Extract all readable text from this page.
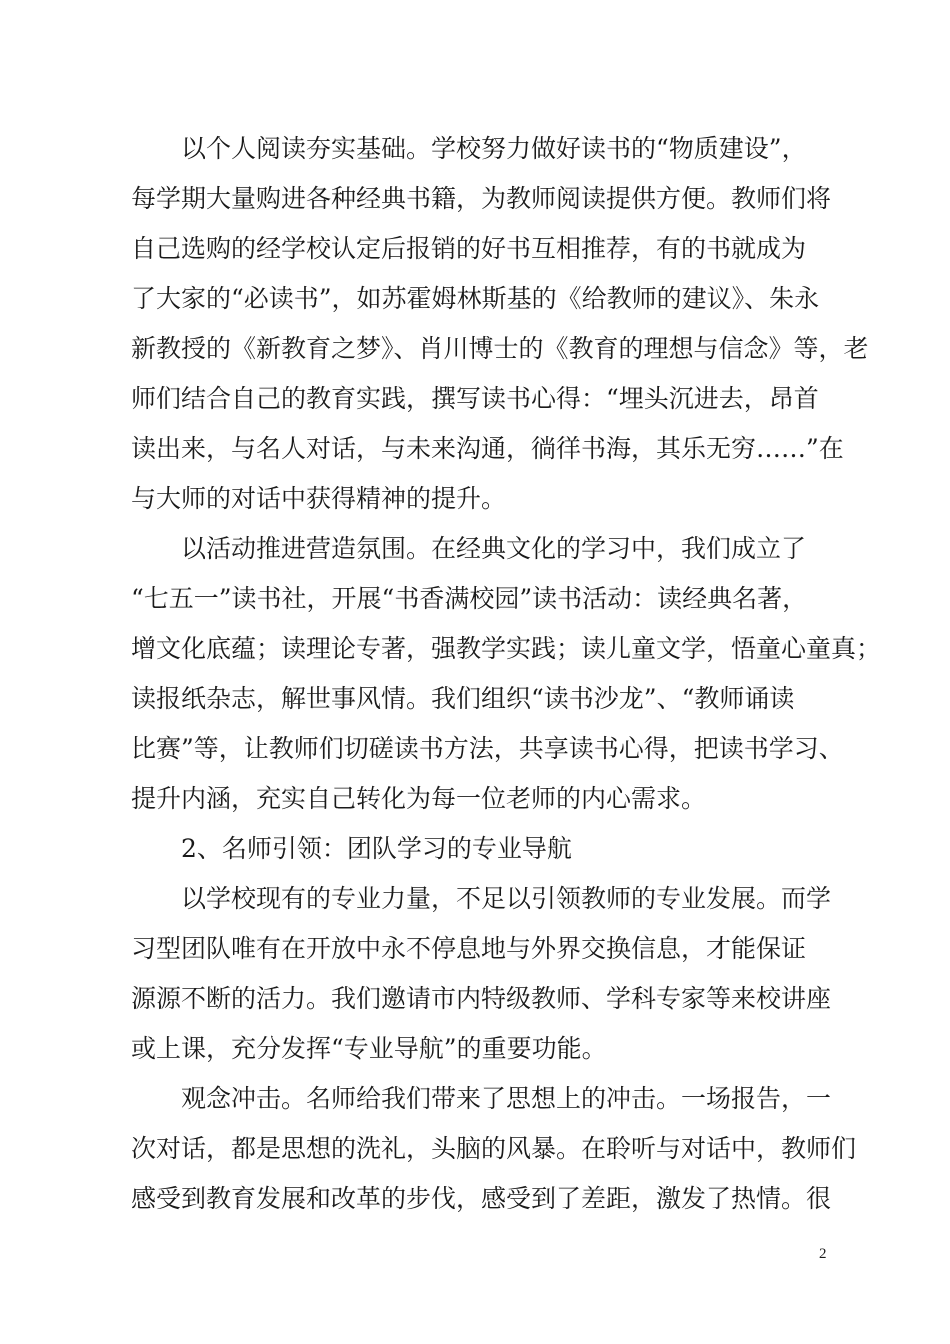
以个人阅读夯实基础。学校努力做好读书的“物质建设”，
每学期大量购进各种经典书籍，为教师阅读提供方便。教师们将
自己选购的经学校认定后报销的好书互相推荐，有的书就成为
了大家的“必读书”，如苏霍姆林斯基的《给教师的建议》、朱永
新教授的《新教育之梦》、肖川博士的《教育的理想与信念》等，老
师们结合自己的教育实践，撰写读书心得：“埋头沉进去，昂首
读出来，与名人对话，与未来沟通，徜徉书海，其乐无穷……”在
与大师的对话中获得精神的提升。
以活动推进营造氛围。在经典文化的学习中，我们成立了
“七五一”读书社，开展“书香满校园”读书活动：读经典名著，
增文化底蕴；读理论专著，强教学实践；读儿童文学，悟童心童真；
读报纸杂志，解世事风情。我们组织“读书沙龙”、“教师诵读
比赛”等，让教师们切磋读书方法，共享读书心得，把读书学习、
提升内涵，充实自己转化为每一位老师的内心需求。
2、名师引领：团队学习的专业导航
以学校现有的专业力量，不足以引领教师的专业发展。而学
习型团队唯有在开放中永不停息地与外界交换信息，才能保证
源源不断的活力。我们邀请市内特级教师、学科专家等来校讲座
或上课，充分发挥“专业导航”的重要功能。
观念冲击。名师给我们带来了思想上的冲击。一场报告，一
次对话，都是思想的洗礼，头脑的风暴。在聆听与对话中，教师们
感受到教育发展和改革的步伐，感受到了差距，激发了热情。很
2
